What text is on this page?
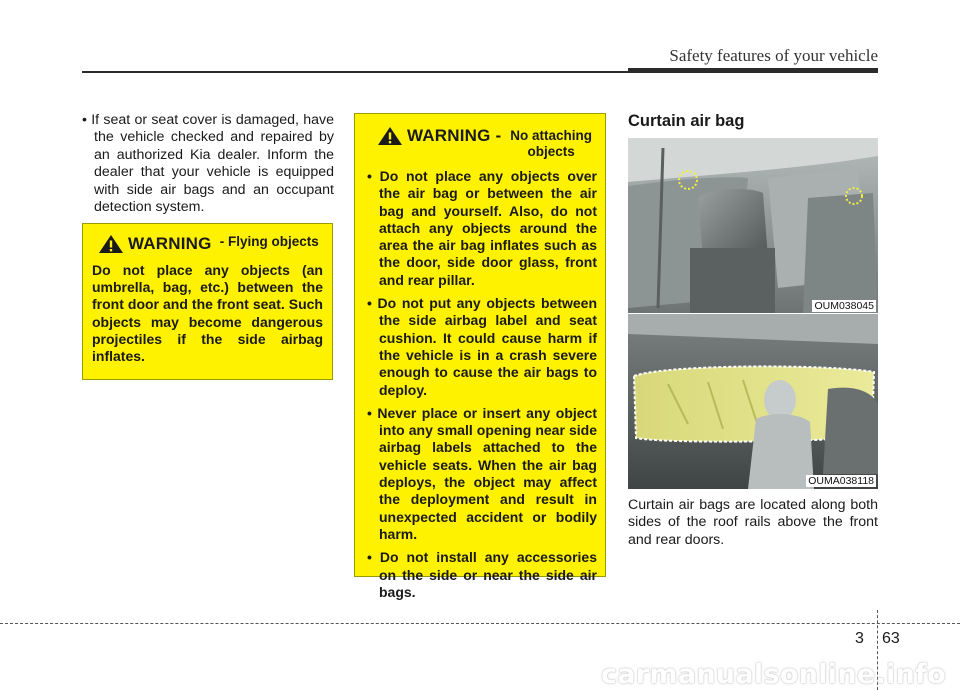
Safety features of your vehicle

• If seat or seat cover is damaged, have the vehicle checked and repaired by an authorized Kia dealer. Inform the dealer that your vehicle is equipped with side air bags and an occupant detection system.

WARNING - Flying objects

Do not place any objects (an umbrella, bag, etc.) between the front door and the front seat. Such objects may become dangerous projectiles if the side airbag inflates.

WARNING - No attaching objects
• Do not place any objects over the air bag or between the air bag and yourself. Also, do not attach any objects around the area the air bag inflates such as the door, side door glass, front and rear pillar.
• Do not put any objects between the side airbag label and seat cushion. It could cause harm if the vehicle is in a crash severe enough to cause the air bags to deploy.
• Never place or insert any object into any small opening near side airbag labels attached to the vehicle seats. When the air bag deploys, the object may affect the deployment and result in unexpected accident or bodily harm.
• Do not install any accessories on the side or near the side air bags.
Curtain air bag
OUM038045
OUMA038118

Curtain air bags are located along both sides of the roof rails above the front and rear doors.

3 63
carmanualsonline.info
